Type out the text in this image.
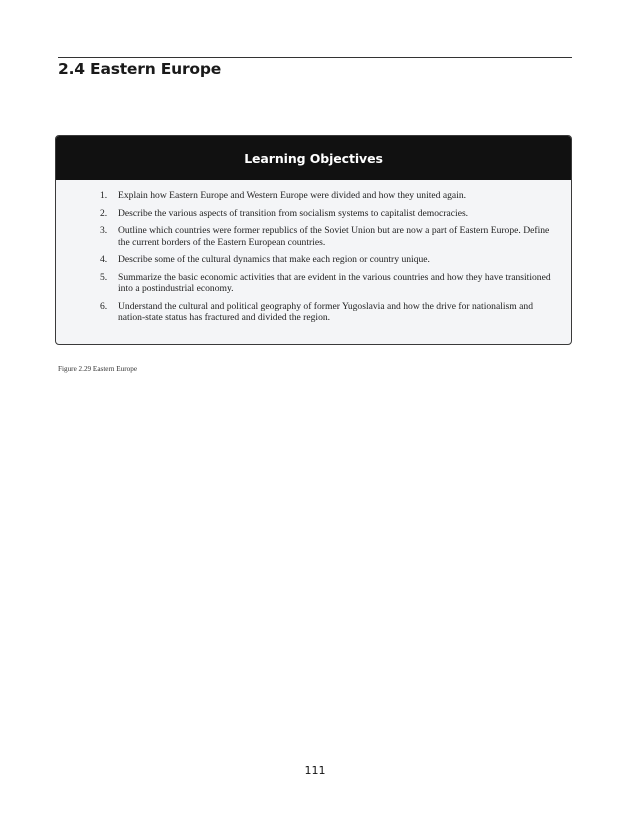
2.4 Eastern Europe
Learning Objectives
1.	Explain how Eastern Europe and Western Europe were divided and how they united again.
2.	Describe the various aspects of transition from socialism systems to capitalist democracies.
3.	Outline which countries were former republics of the Soviet Union but are now a part of Eastern Europe. Define the current borders of the Eastern European countries.
4.	Describe some of the cultural dynamics that make each region or country unique.
5.	Summarize the basic economic activities that are evident in the various countries and how they have transitioned into a postindustrial economy.
6.	Understand the cultural and political geography of former Yugoslavia and how the drive for nationalism and nation-state status has fractured and divided the region.
Figure 2.29 Eastern Europe
111
